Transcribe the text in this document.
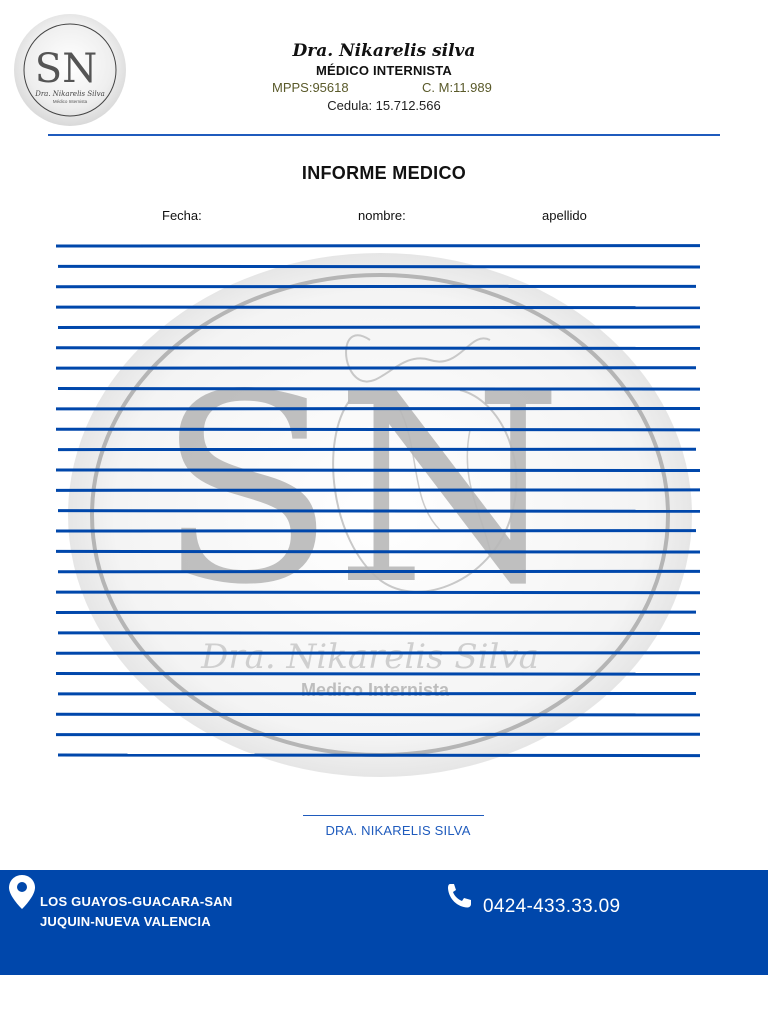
SN
Dra. Nikarelis Silva
Médico Internista
Dra. Nikarelis silva
MÉDICO INTERNISTA
MPPS:95618	C. M:11.989
Cedula: 15.712.566
SN
Dra. Nikarelis Silva
Medico Internista
INFORME MEDICO
Fecha:	nombre:	apellido
DRA. NIKARELIS SILVA
LOS GUAYOS-GUACARA-SAN
JUQUIN-NUEVA VALENCIA
0424-433.33.09
